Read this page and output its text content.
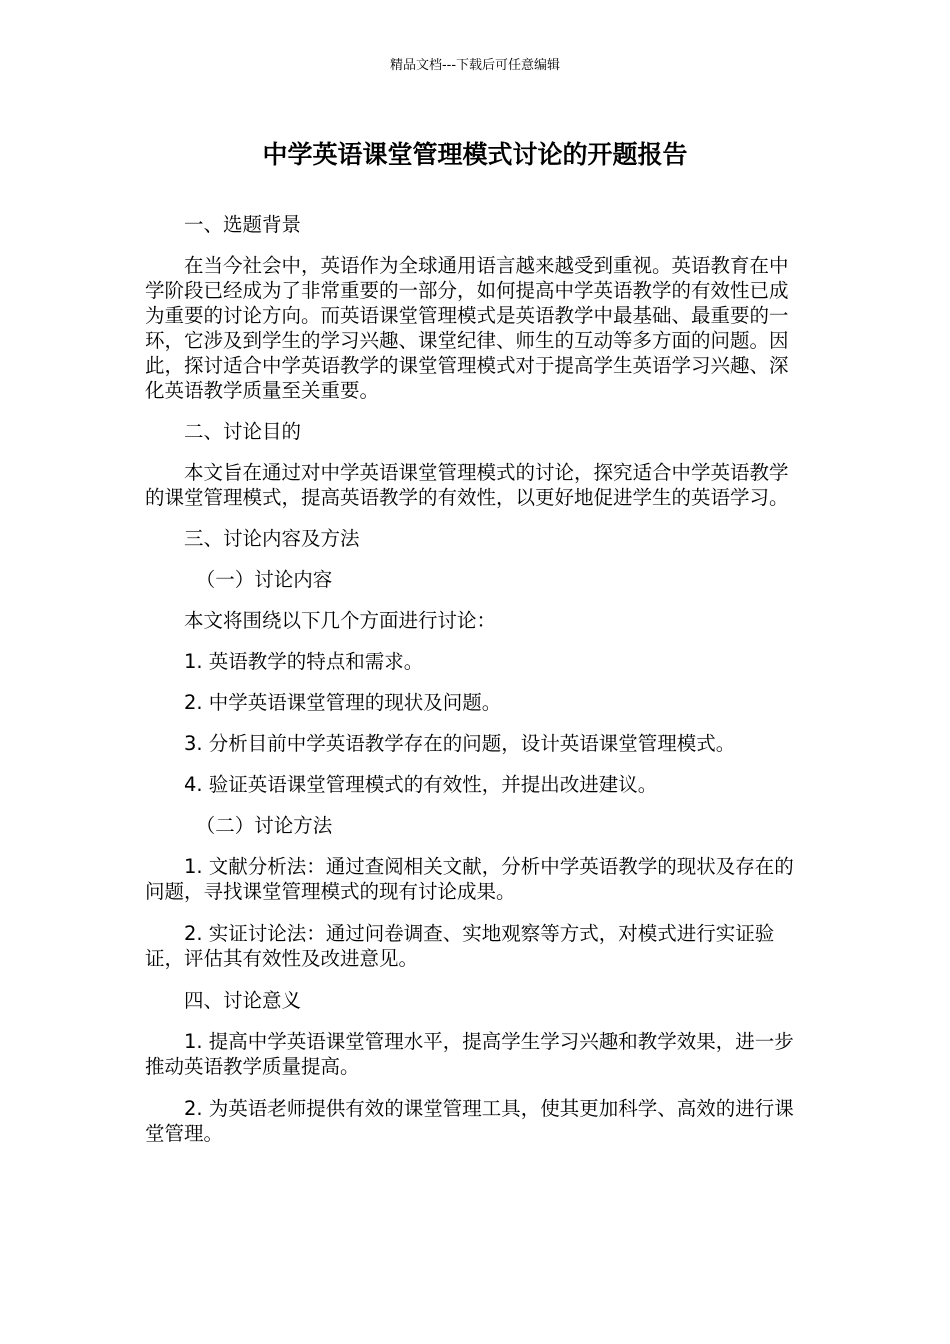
精品文档---下载后可任意编辑
中学英语课堂管理模式讨论的开题报告

一、选题背景

在当今社会中，英语作为全球通用语言越来越受到重视。英语教育在中学阶段已经成为了非常重要的一部分，如何提高中学英语教学的有效性已成为重要的讨论方向。而英语课堂管理模式是英语教学中最基础、最重要的一环，它涉及到学生的学习兴趣、课堂纪律、师生的互动等多方面的问题。因此，探讨适合中学英语教学的课堂管理模式对于提高学生英语学习兴趣、深化英语教学质量至关重要。

二、讨论目的

本文旨在通过对中学英语课堂管理模式的讨论，探究适合中学英语教学的课堂管理模式，提高英语教学的有效性，以更好地促进学生的英语学习。

三、讨论内容及方法

（一）讨论内容

本文将围绕以下几个方面进行讨论：

1. 英语教学的特点和需求。

2. 中学英语课堂管理的现状及问题。

3. 分析目前中学英语教学存在的问题，设计英语课堂管理模式。

4. 验证英语课堂管理模式的有效性，并提出改进建议。

（二）讨论方法

1. 文献分析法：通过查阅相关文献，分析中学英语教学的现状及存在的问题，寻找课堂管理模式的现有讨论成果。

2. 实证讨论法：通过问卷调查、实地观察等方式，对模式进行实证验证，评估其有效性及改进意见。

四、讨论意义

1. 提高中学英语课堂管理水平，提高学生学习兴趣和教学效果，进一步推动英语教学质量提高。

2. 为英语老师提供有效的课堂管理工具，使其更加科学、高效的进行课堂管理。
